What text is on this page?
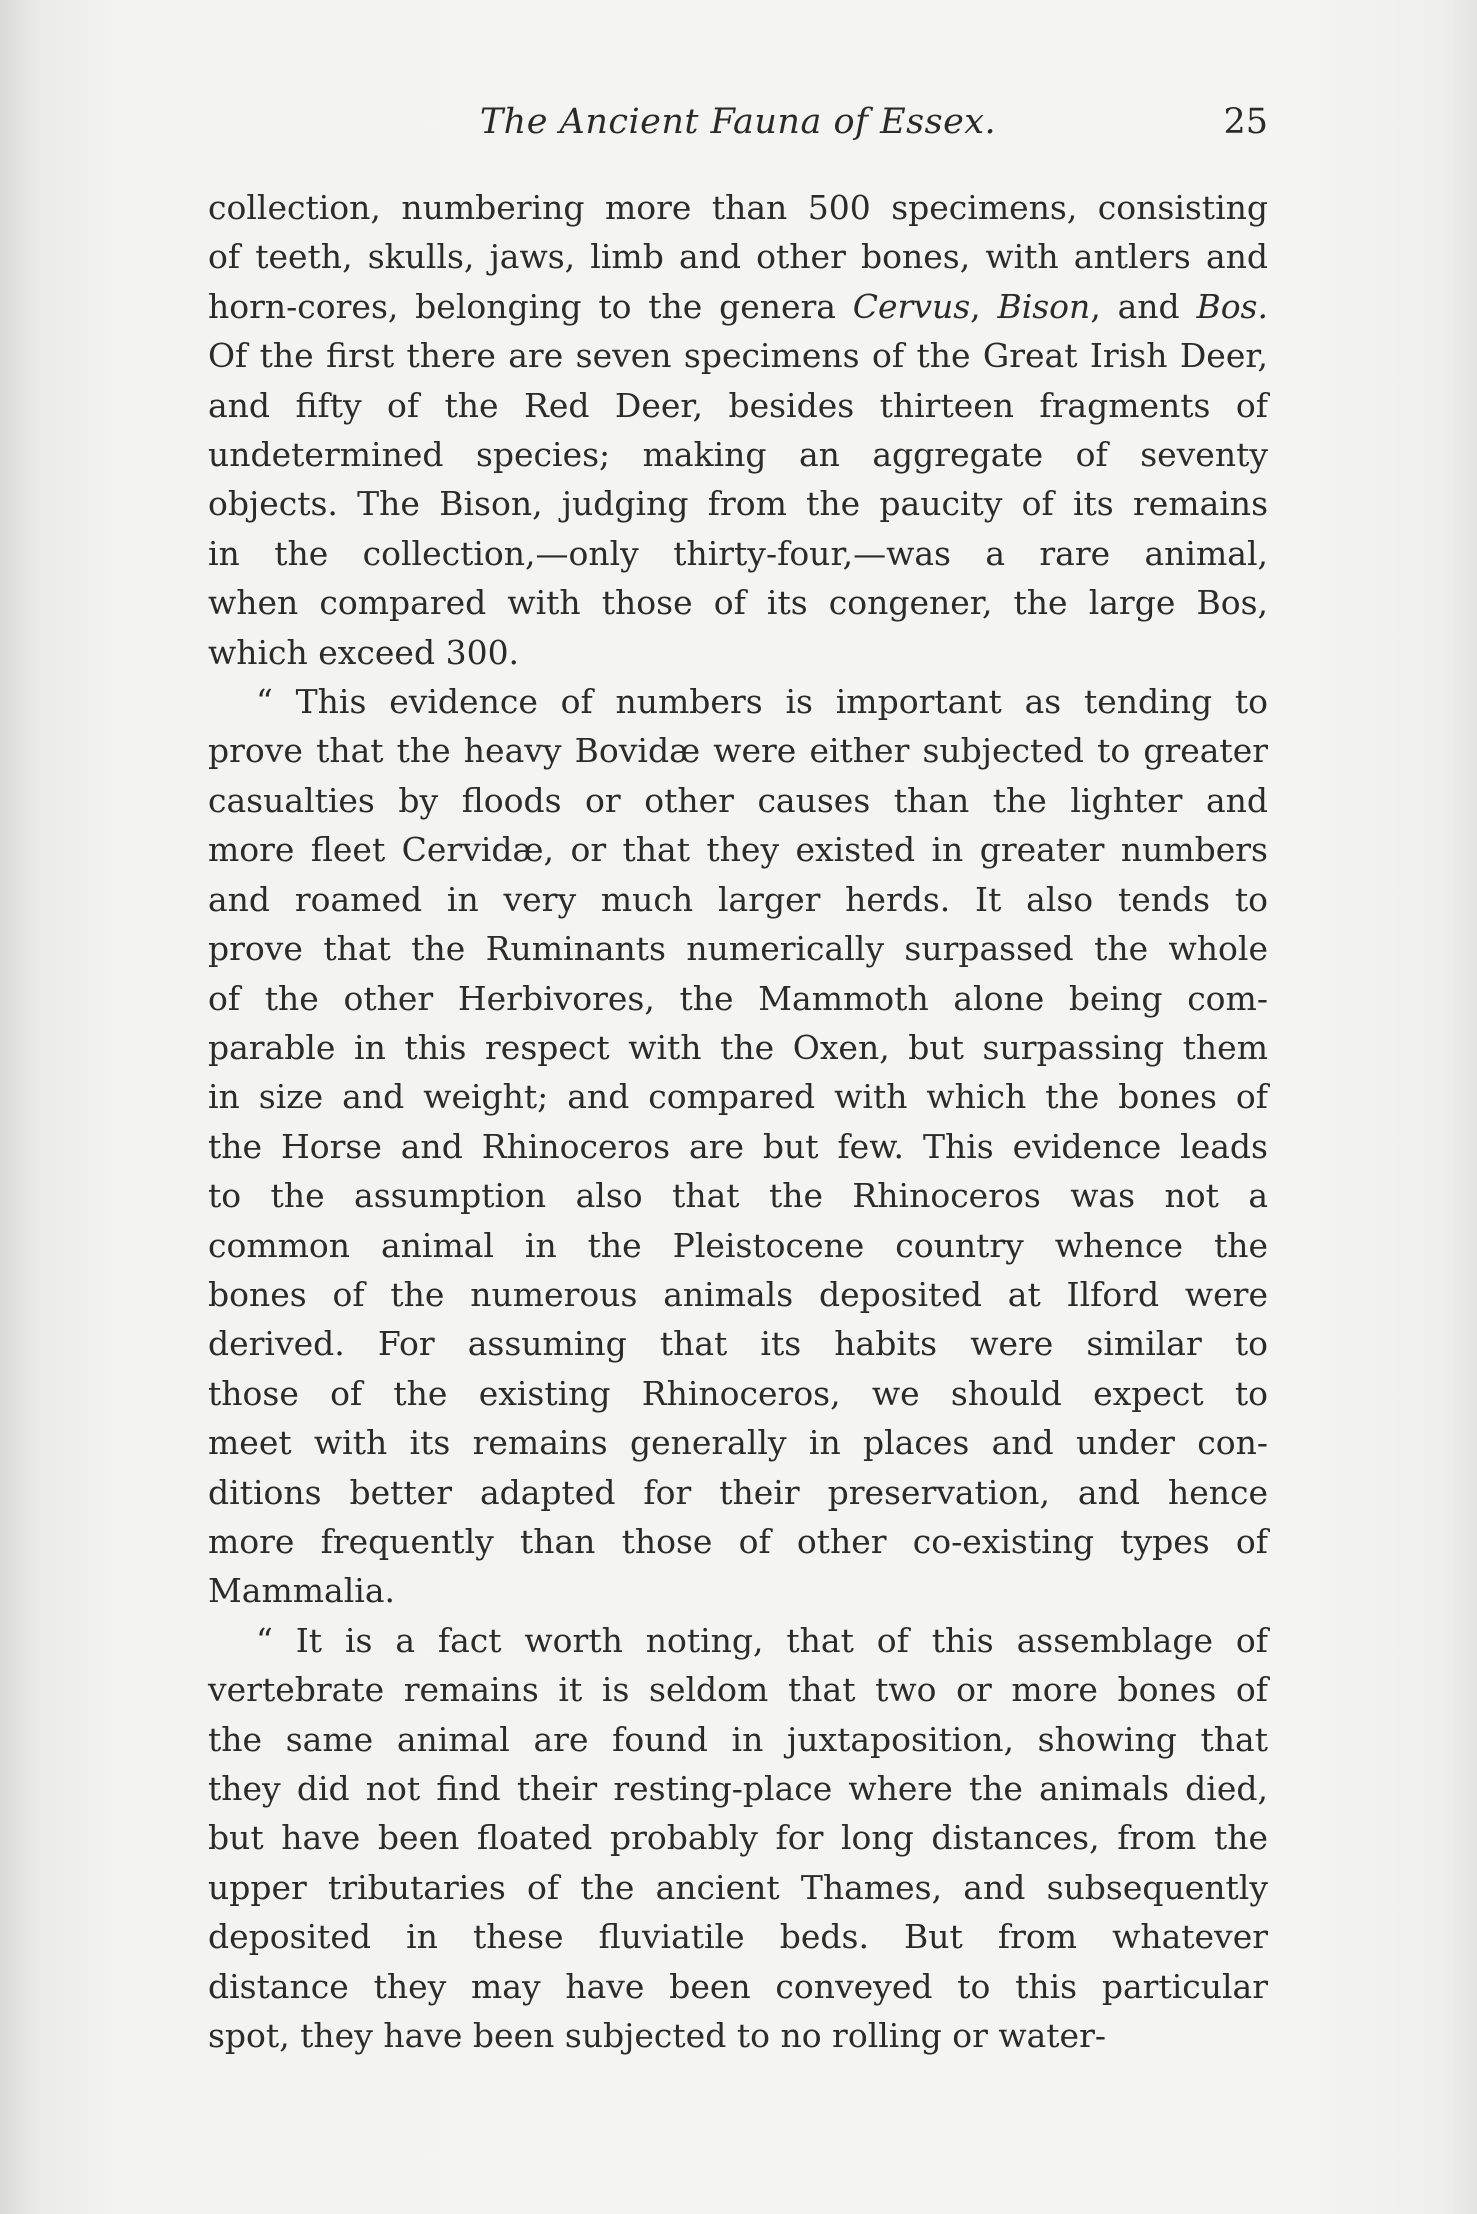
The Ancient Fauna of Essex.	25
collection, numbering more than 500 specimens, consisting
of teeth, skulls, jaws, limb and other bones, with antlers and
horn-cores, belonging to the genera Cervus, Bison, and Bos.
Of the first there are seven specimens of the Great Irish Deer,
and fifty of the Red Deer, besides thirteen fragments of
undetermined species; making an aggregate of seventy
objects. The Bison, judging from the paucity of its remains
in the collection,—only thirty-four,—was a rare animal,
when compared with those of its congener, the large Bos,
which exceed 300.
“ This evidence of numbers is important as tending to
prove that the heavy Bovidæ were either subjected to greater
casualties by floods or other causes than the lighter and
more fleet Cervidæ, or that they existed in greater numbers
and roamed in very much larger herds. It also tends to
prove that the Ruminants numerically surpassed the whole
of the other Herbivores, the Mammoth alone being com-
parable in this respect with the Oxen, but surpassing them
in size and weight; and compared with which the bones of
the Horse and Rhinoceros are but few. This evidence leads
to the assumption also that the Rhinoceros was not a
common animal in the Pleistocene country whence the
bones of the numerous animals deposited at Ilford were
derived. For assuming that its habits were similar to
those of the existing Rhinoceros, we should expect to
meet with its remains generally in places and under con-
ditions better adapted for their preservation, and hence
more frequently than those of other co-existing types of
Mammalia.
“ It is a fact worth noting, that of this assemblage of
vertebrate remains it is seldom that two or more bones of
the same animal are found in juxtaposition, showing that
they did not find their resting-place where the animals died,
but have been floated probably for long distances, from the
upper tributaries of the ancient Thames, and subsequently
deposited in these fluviatile beds. But from whatever
distance they may have been conveyed to this particular
spot, they have been subjected to no rolling or water-
